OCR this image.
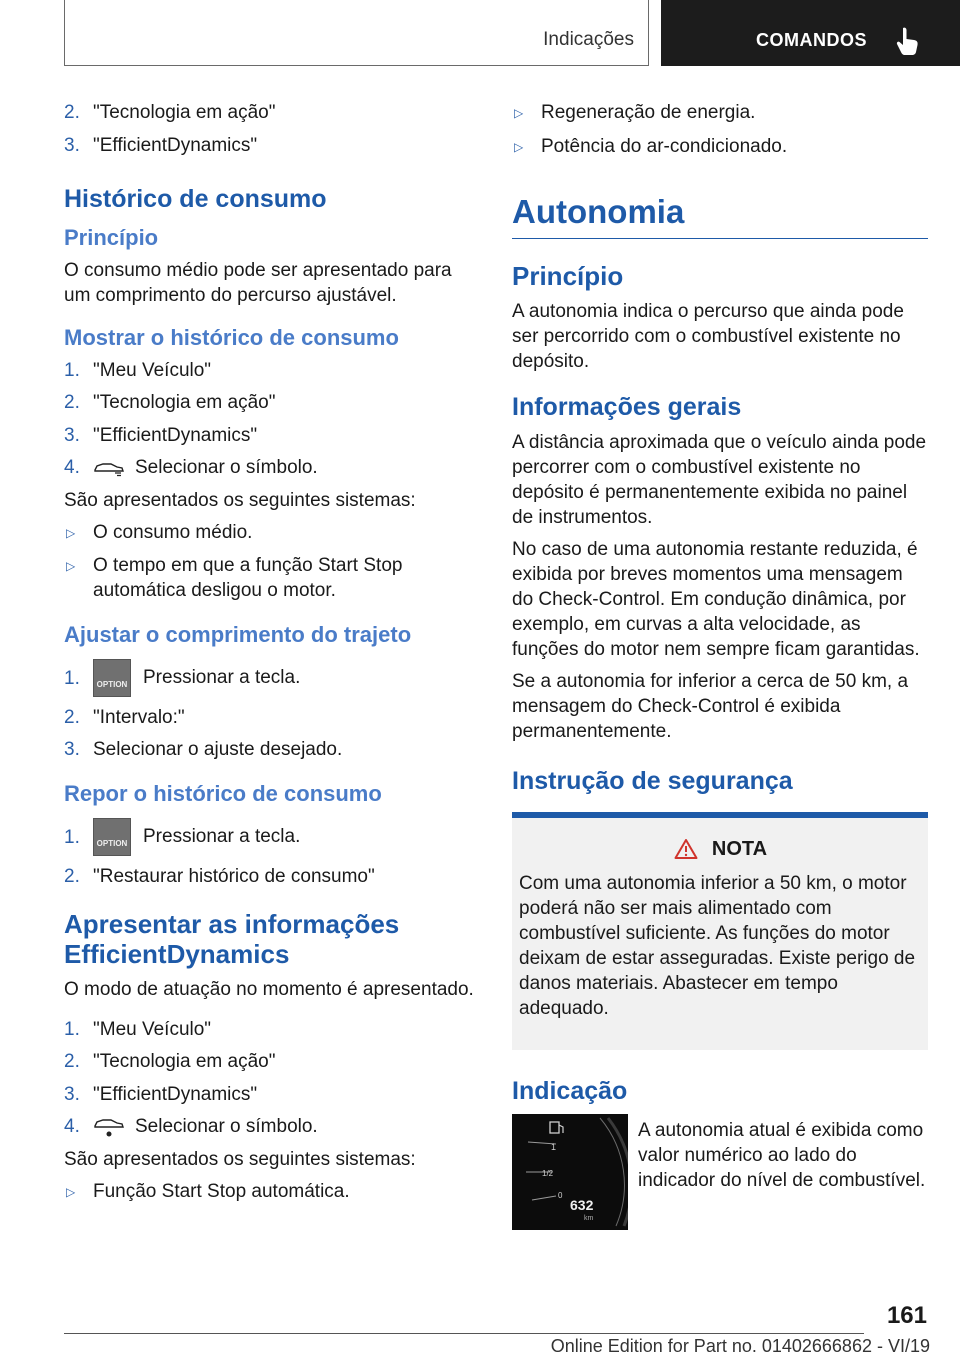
Indicações	COMANDOS
2. "Tecnologia em ação"
3. "EfficientDynamics"
Histórico de consumo
Princípio
O consumo médio pode ser apresentado para um comprimento do percurso ajustável.
Mostrar o histórico de consumo
1. "Meu Veículo"
2. "Tecnologia em ação"
3. "EfficientDynamics"
4.	Selecionar o símbolo.
São apresentados os seguintes sistemas:
▷ O consumo médio.
▷ O tempo em que a função Start Stop automática desligou o motor.
Ajustar o comprimento do trajeto
1.	OPTION Pressionar a tecla.
2. "Intervalo:"
3. Selecionar o ajuste desejado.
Repor o histórico de consumo
1.	OPTION Pressionar a tecla.
2. "Restaurar histórico de consumo"
Apresentar as informações EfficientDynamics
O modo de atuação no momento é apresentado.
1. "Meu Veículo"
2. "Tecnologia em ação"
3. "EfficientDynamics"
4.	Selecionar o símbolo.
São apresentados os seguintes sistemas:
▷ Função Start Stop automática.
▷ Regeneração de energia.
▷ Potência do ar-condicionado.
Autonomia
Princípio
A autonomia indica o percurso que ainda pode ser percorrido com o combustível existente no depósito.
Informações gerais
A distância aproximada que o veículo ainda pode percorrer com o combustível existente no depósito é permanentemente exibida no painel de instrumentos.
No caso de uma autonomia restante reduzida, é exibida por breves momentos uma mensagem do Check-Control. Em condução dinâmica, por exemplo, em curvas a alta velocidade, as funções do motor nem sempre ficam garantidas.
Se a autonomia for inferior a cerca de 50 km, a mensagem do Check-Control é exibida permanentemente.
Instrução de segurança
NOTA
Com uma autonomia inferior a 50 km, o motor poderá não ser mais alimentado com combustível suficiente. As funções do motor deixam de estar asseguradas. Existe perigo de danos materiais. Abastecer em tempo adequado.
Indicação
1
1/2
0
632
km
A autonomia atual é exibida como valor numérico ao lado do indicador do nível de combustível.
161
Online Edition for Part no. 01402666862 - VI/19
